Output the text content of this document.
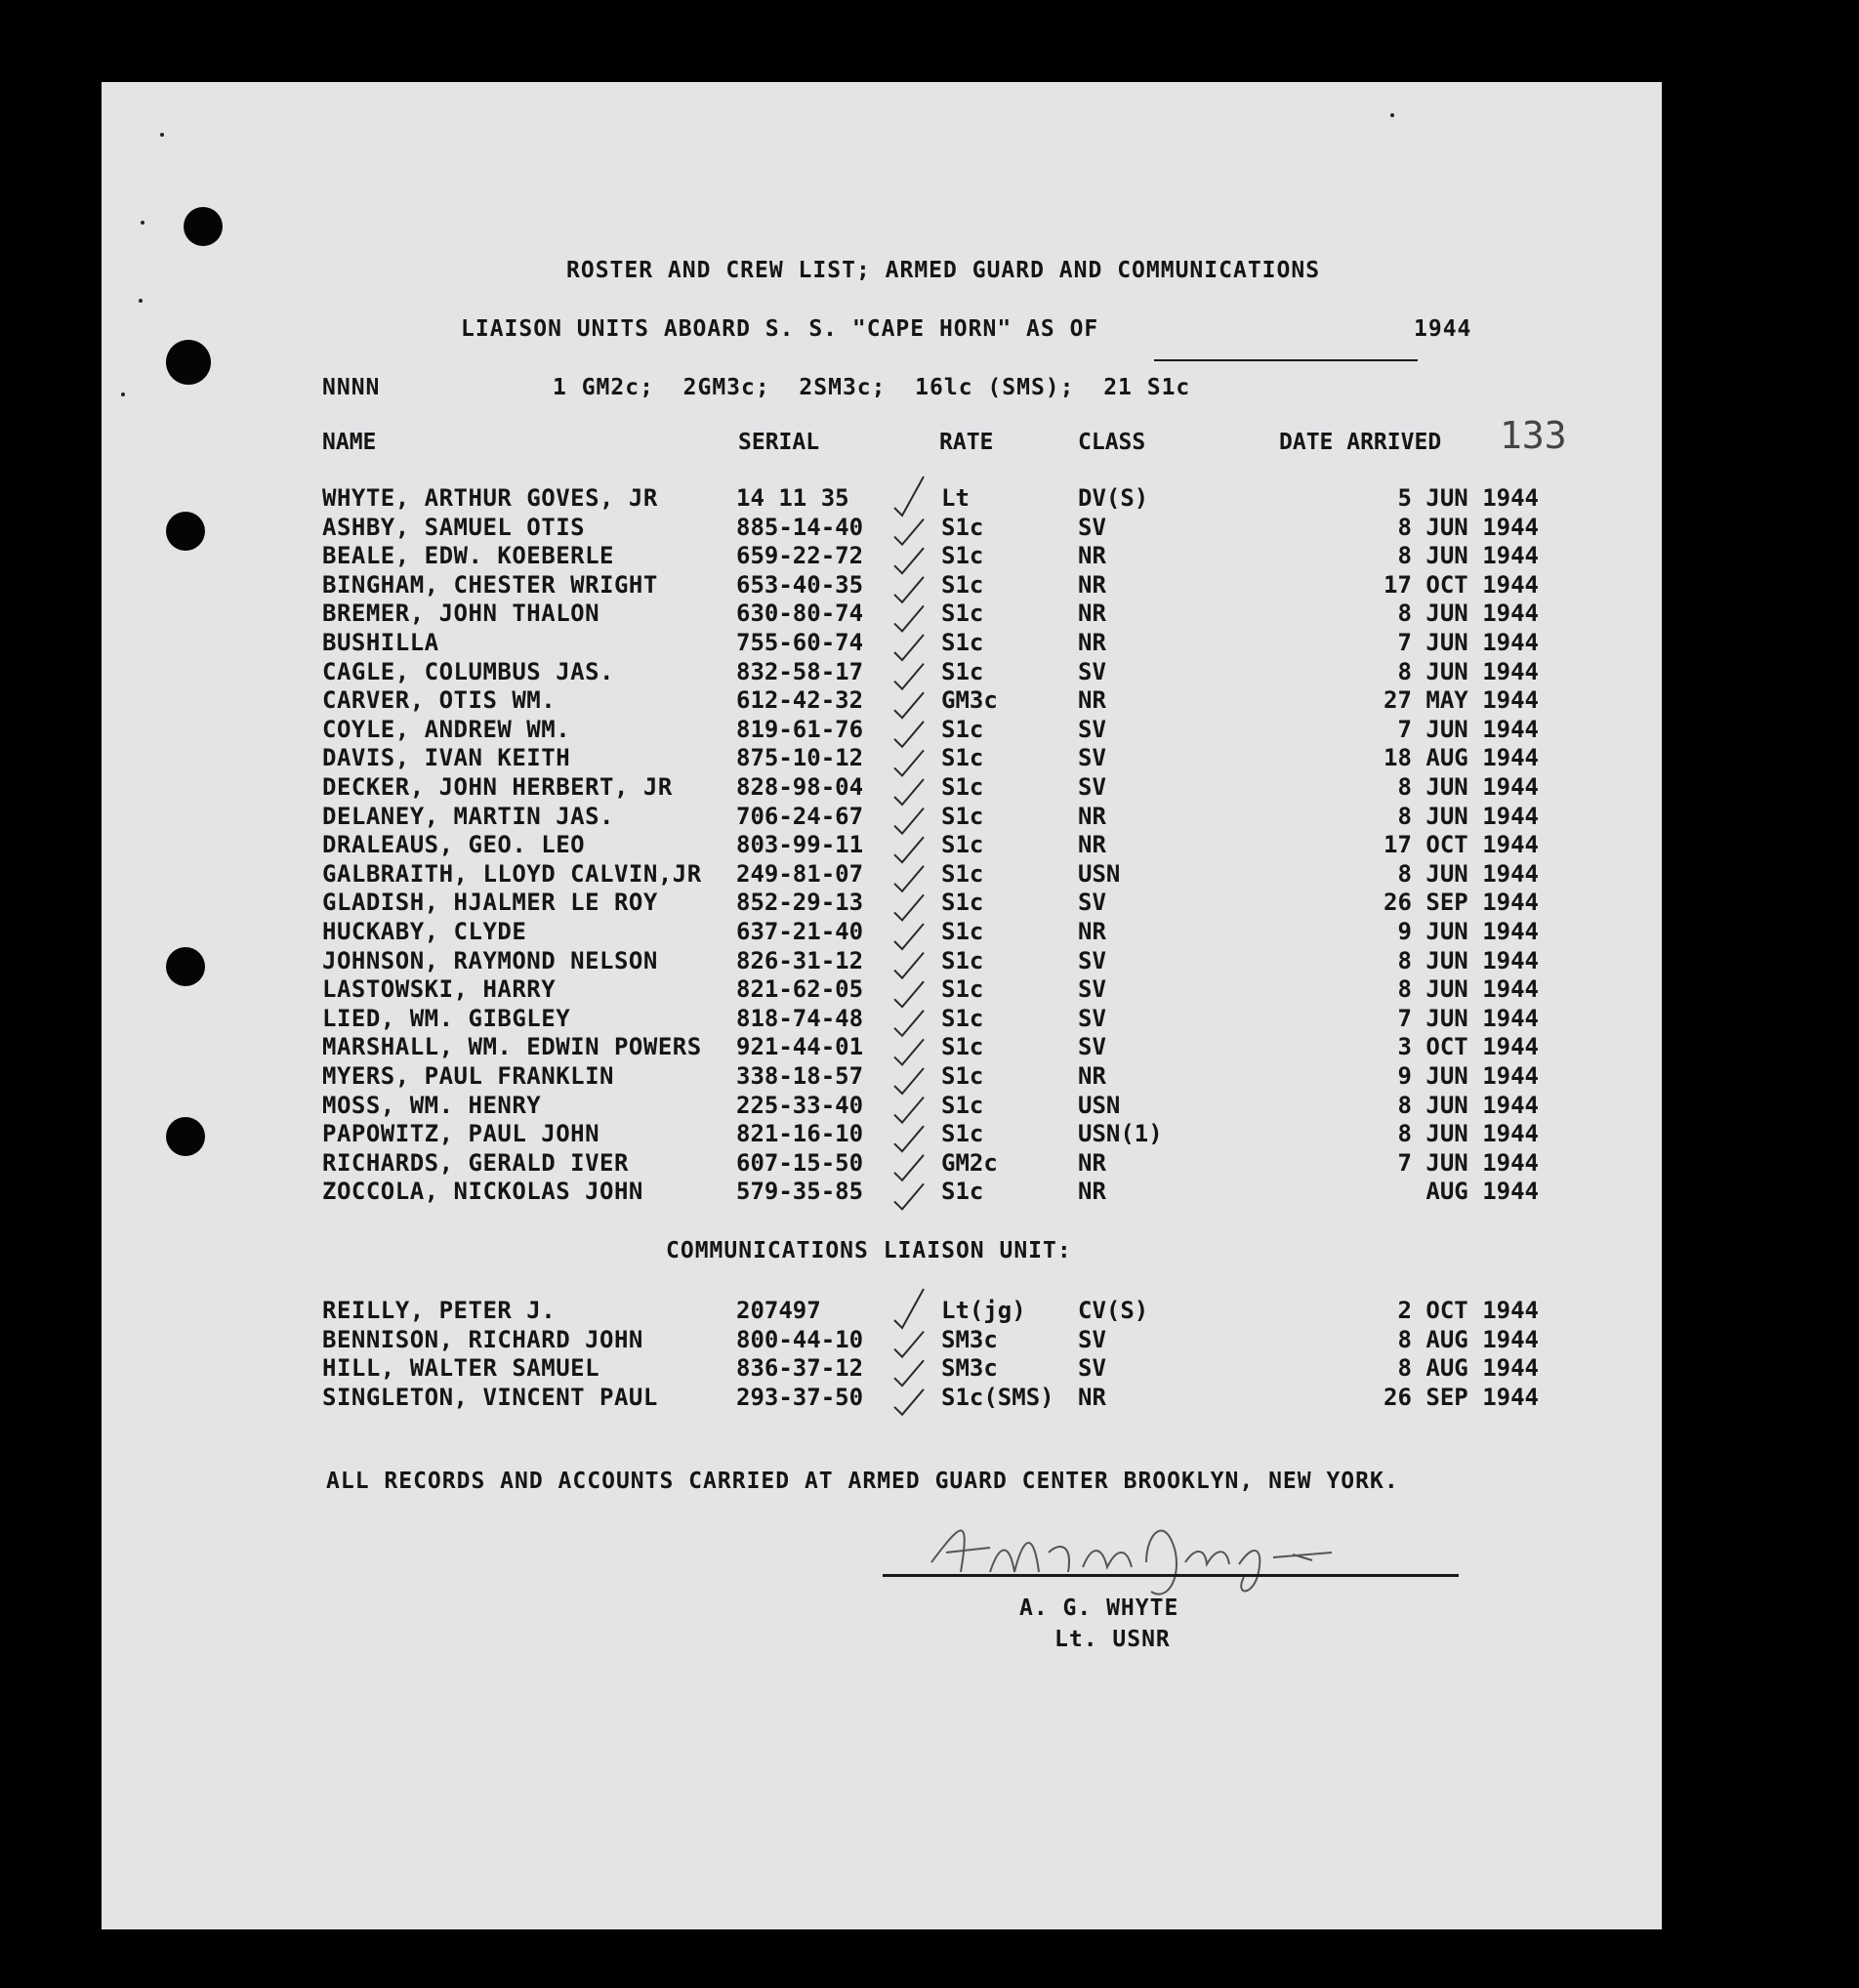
ROSTER AND CREW LIST; ARMED GUARD AND COMMUNICATIONS
LIAISON UNITS ABOARD S. S. "CAPE HORN" AS OF	1944
133
NNNN	1 GM2c;  2GM3c;  2SM3c;  16lc (SMS);  21 S1c
NAME	SERIAL	RATE	CLASS	DATE ARRIVED
WHYTE, ARTHUR GOVES, JR	14 11 35	Lt	DV(S)	5 JUN 1944
ASHBY, SAMUEL OTIS	885-14-40	S1c	SV	8 JUN 1944
BEALE, EDW. KOEBERLE	659-22-72	S1c	NR	8 JUN 1944
BINGHAM, CHESTER WRIGHT	653-40-35	S1c	NR	17 OCT 1944
BREMER, JOHN THALON	630-80-74	S1c	NR	8 JUN 1944
BUSHILLA	755-60-74	S1c	NR	7 JUN 1944
CAGLE, COLUMBUS JAS.	832-58-17	S1c	SV	8 JUN 1944
CARVER, OTIS WM.	612-42-32	GM3c	NR	27 MAY 1944
COYLE, ANDREW WM.	819-61-76	S1c	SV	7 JUN 1944
DAVIS, IVAN KEITH	875-10-12	S1c	SV	18 AUG 1944
DECKER, JOHN HERBERT, JR	828-98-04	S1c	SV	8 JUN 1944
DELANEY, MARTIN JAS.	706-24-67	S1c	NR	8 JUN 1944
DRALEAUS, GEO. LEO	803-99-11	S1c	NR	17 OCT 1944
GALBRAITH, LLOYD CALVIN,JR 249-81-07	S1c	USN	8 JUN 1944
GLADISH, HJALMER LE ROY	852-29-13	S1c	SV	26 SEP 1944
HUCKABY, CLYDE	637-21-40	S1c	NR	9 JUN 1944
JOHNSON, RAYMOND NELSON	826-31-12	S1c	SV	8 JUN 1944
LASTOWSKI, HARRY	821-62-05	S1c	SV	8 JUN 1944
LIED, WM. GIBGLEY	818-74-48	S1c	SV	7 JUN 1944
MARSHALL, WM. EDWIN POWERS 921-44-01	S1c	SV	3 OCT 1944
MYERS, PAUL FRANKLIN	338-18-57	S1c	NR	9 JUN 1944
MOSS, WM. HENRY	225-33-40	S1c	USN	8 JUN 1944
PAPOWITZ, PAUL JOHN	821-16-10	S1c	USN(1)	8 JUN 1944
RICHARDS, GERALD IVER	607-15-50	GM2c	NR	7 JUN 1944
ZOCCOLA, NICKOLAS JOHN	579-35-85	S1c	NR	AUG 1944
COMMUNICATIONS LIAISON UNIT:
REILLY, PETER J.	207497	Lt(jg) CV(S)	2 OCT 1944
BENNISON, RICHARD JOHN	800-44-10	SM3c	SV	8 AUG 1944
HILL, WALTER SAMUEL	836-37-12	SM3c	SV	8 AUG 1944
SINGLETON, VINCENT PAUL	293-37-50	S1c(SMS) NR	26 SEP 1944
ALL RECORDS AND ACCOUNTS CARRIED AT ARMED GUARD CENTER BROOKLYN, NEW YORK.
A. G. WHYTE
Lt. USNR
